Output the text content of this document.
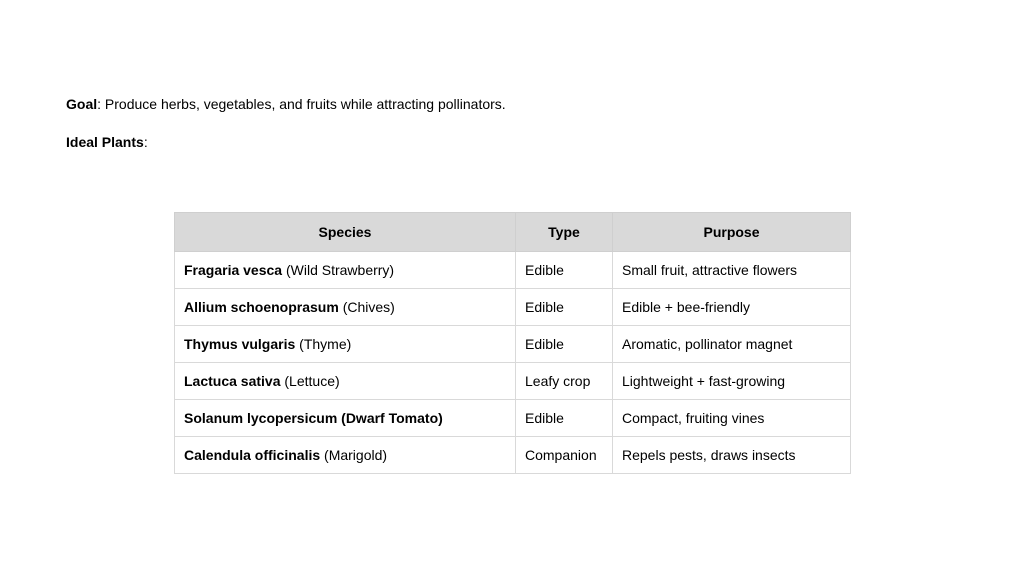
Goal: Produce herbs, vegetables, and fruits while attracting pollinators.
Ideal Plants:
Species	Type	Purpose
Fragaria vesca (Wild Strawberry)	Edible	Small fruit, attractive flowers
Allium schoenoprasum (Chives)	Edible	Edible + bee-friendly
Thymus vulgaris (Thyme)	Edible	Aromatic, pollinator magnet
Lactuca sativa (Lettuce)	Leafy crop	Lightweight + fast-growing
Solanum lycopersicum (Dwarf Tomato)	Edible	Compact, fruiting vines
Calendula officinalis (Marigold)	Companion	Repels pests, draws insects
